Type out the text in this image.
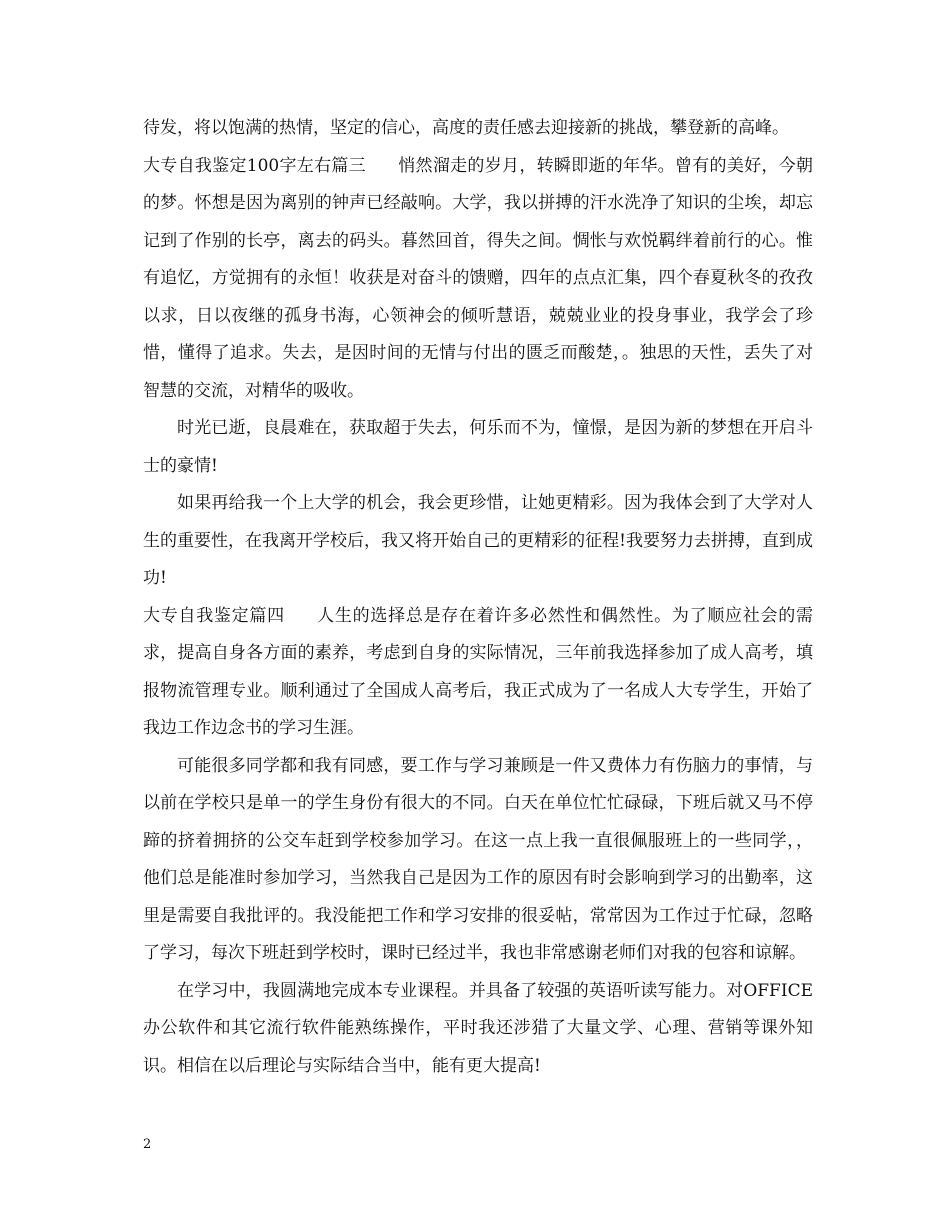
待发，将以饱满的热情，坚定的信心，高度的责任感去迎接新的挑战，攀登新的高峰。

大专自我鉴定100字左右篇三 悄然溜走的岁月，转瞬即逝的年华。曾有的美好，今朝的梦。怀想是因为离别的钟声已经敲响。大学，我以拼搏的汗水洗净了知识的尘埃，却忘记到了作别的长亭，离去的码头。暮然回首，得失之间。惆怅与欢悦羁绊着前行的心。惟有追忆，方觉拥有的永恒！收获是对奋斗的馈赠，四年的点点汇集，四个春夏秋冬的孜孜以求，日以夜继的孤身书海，心领神会的倾听慧语，兢兢业业的投身事业，我学会了珍惜，懂得了追求。失去，是因时间的无情与付出的匮乏而酸楚，。独思的天性，丢失了对智慧的交流，对精华的吸收。

时光已逝，良晨难在，获取超于失去，何乐而不为，憧憬，是因为新的梦想在开启斗士的豪情!

如果再给我一个上大学的机会，我会更珍惜，让她更精彩。因为我体会到了大学对人生的重要性，在我离开学校后，我又将开始自己的更精彩的征程!我要努力去拼搏，直到成功!

大专自我鉴定篇四 人生的选择总是存在着许多必然性和偶然性。为了顺应社会的需求，提高自身各方面的素养，考虑到自身的实际情况，三年前我选择参加了成人高考，填报物流管理专业。顺利通过了全国成人高考后，我正式成为了一名成人大专学生，开始了我边工作边念书的学习生涯。

可能很多同学都和我有同感，要工作与学习兼顾是一件又费体力有伤脑力的事情，与以前在学校只是单一的学生身份有很大的不同。白天在单位忙忙碌碌，下班后就又马不停蹄的挤着拥挤的公交车赶到学校参加学习。在这一点上我一直很佩服班上的一些同学，，他们总是能准时参加学习，当然我自己是因为工作的原因有时会影响到学习的出勤率，这里是需要自我批评的。我没能把工作和学习安排的很妥帖，常常因为工作过于忙碌，忽略了学习，每次下班赶到学校时，课时已经过半，我也非常感谢老师们对我的包容和谅解。

在学习中，我圆满地完成本专业课程。并具备了较强的英语听读写能力。对OFFICE办公软件和其它流行软件能熟练操作，平时我还涉猎了大量文学、心理、营销等课外知识。相信在以后理论与实际结合当中，能有更大提高!

2
